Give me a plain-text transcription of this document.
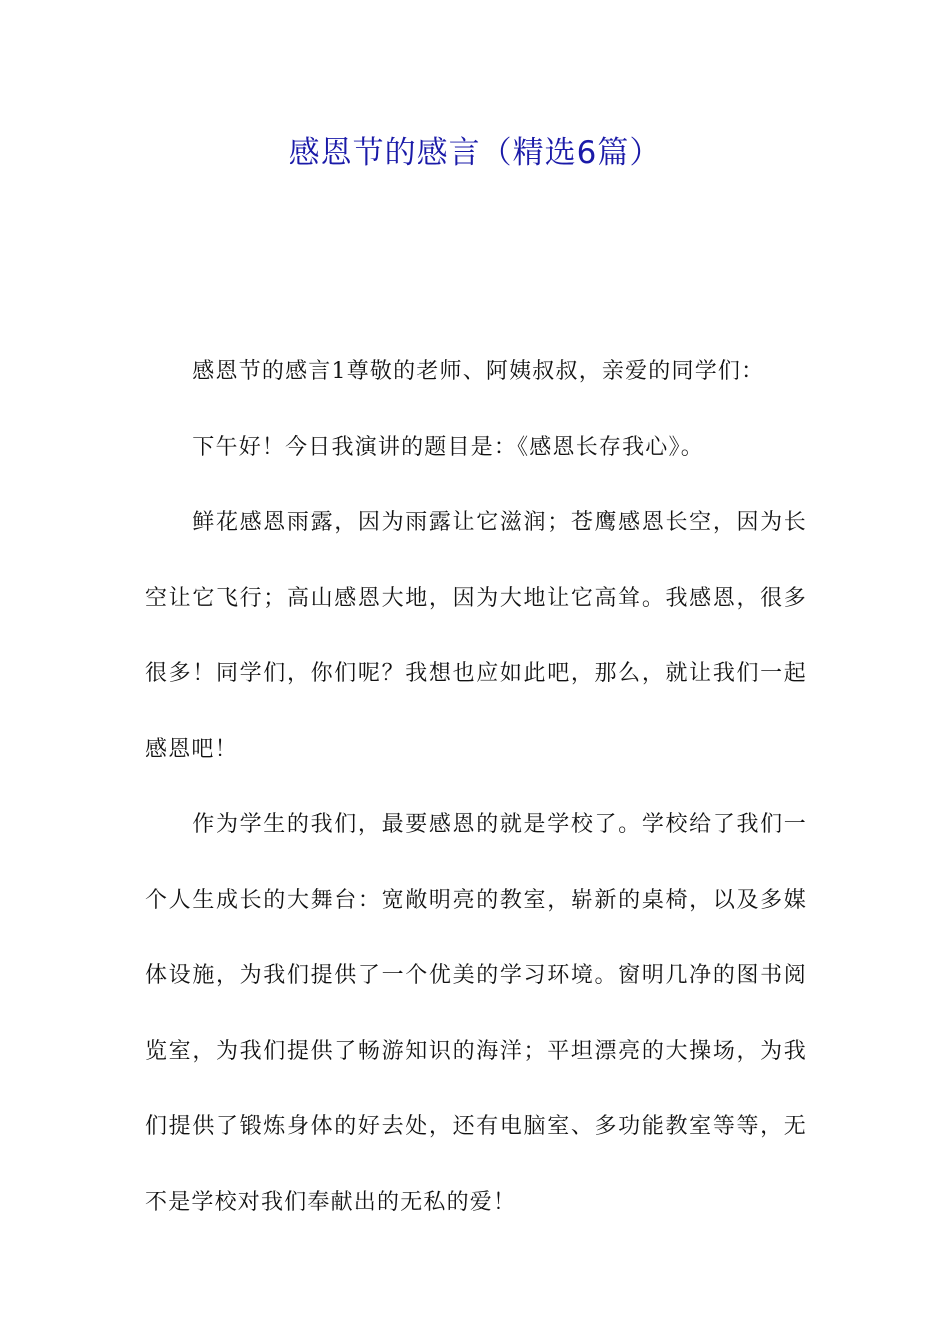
感恩节的感言（精选6篇）

感恩节的感言1尊敬的老师、阿姨叔叔，亲爱的同学们：

下午好！今日我演讲的题目是：《感恩长存我心》。

鲜花感恩雨露，因为雨露让它滋润；苍鹰感恩长空，因为长空让它飞行；高山感恩大地，因为大地让它高耸。我感恩，很多很多！同学们，你们呢？我想也应如此吧，那么，就让我们一起感恩吧！

作为学生的我们，最要感恩的就是学校了。学校给了我们一个人生成长的大舞台：宽敞明亮的教室，崭新的桌椅，以及多媒体设施，为我们提供了一个优美的学习环境。窗明几净的图书阅览室，为我们提供了畅游知识的海洋；平坦漂亮的大操场，为我们提供了锻炼身体的好去处，还有电脑室、多功能教室等等，无不是学校对我们奉献出的无私的爱！
